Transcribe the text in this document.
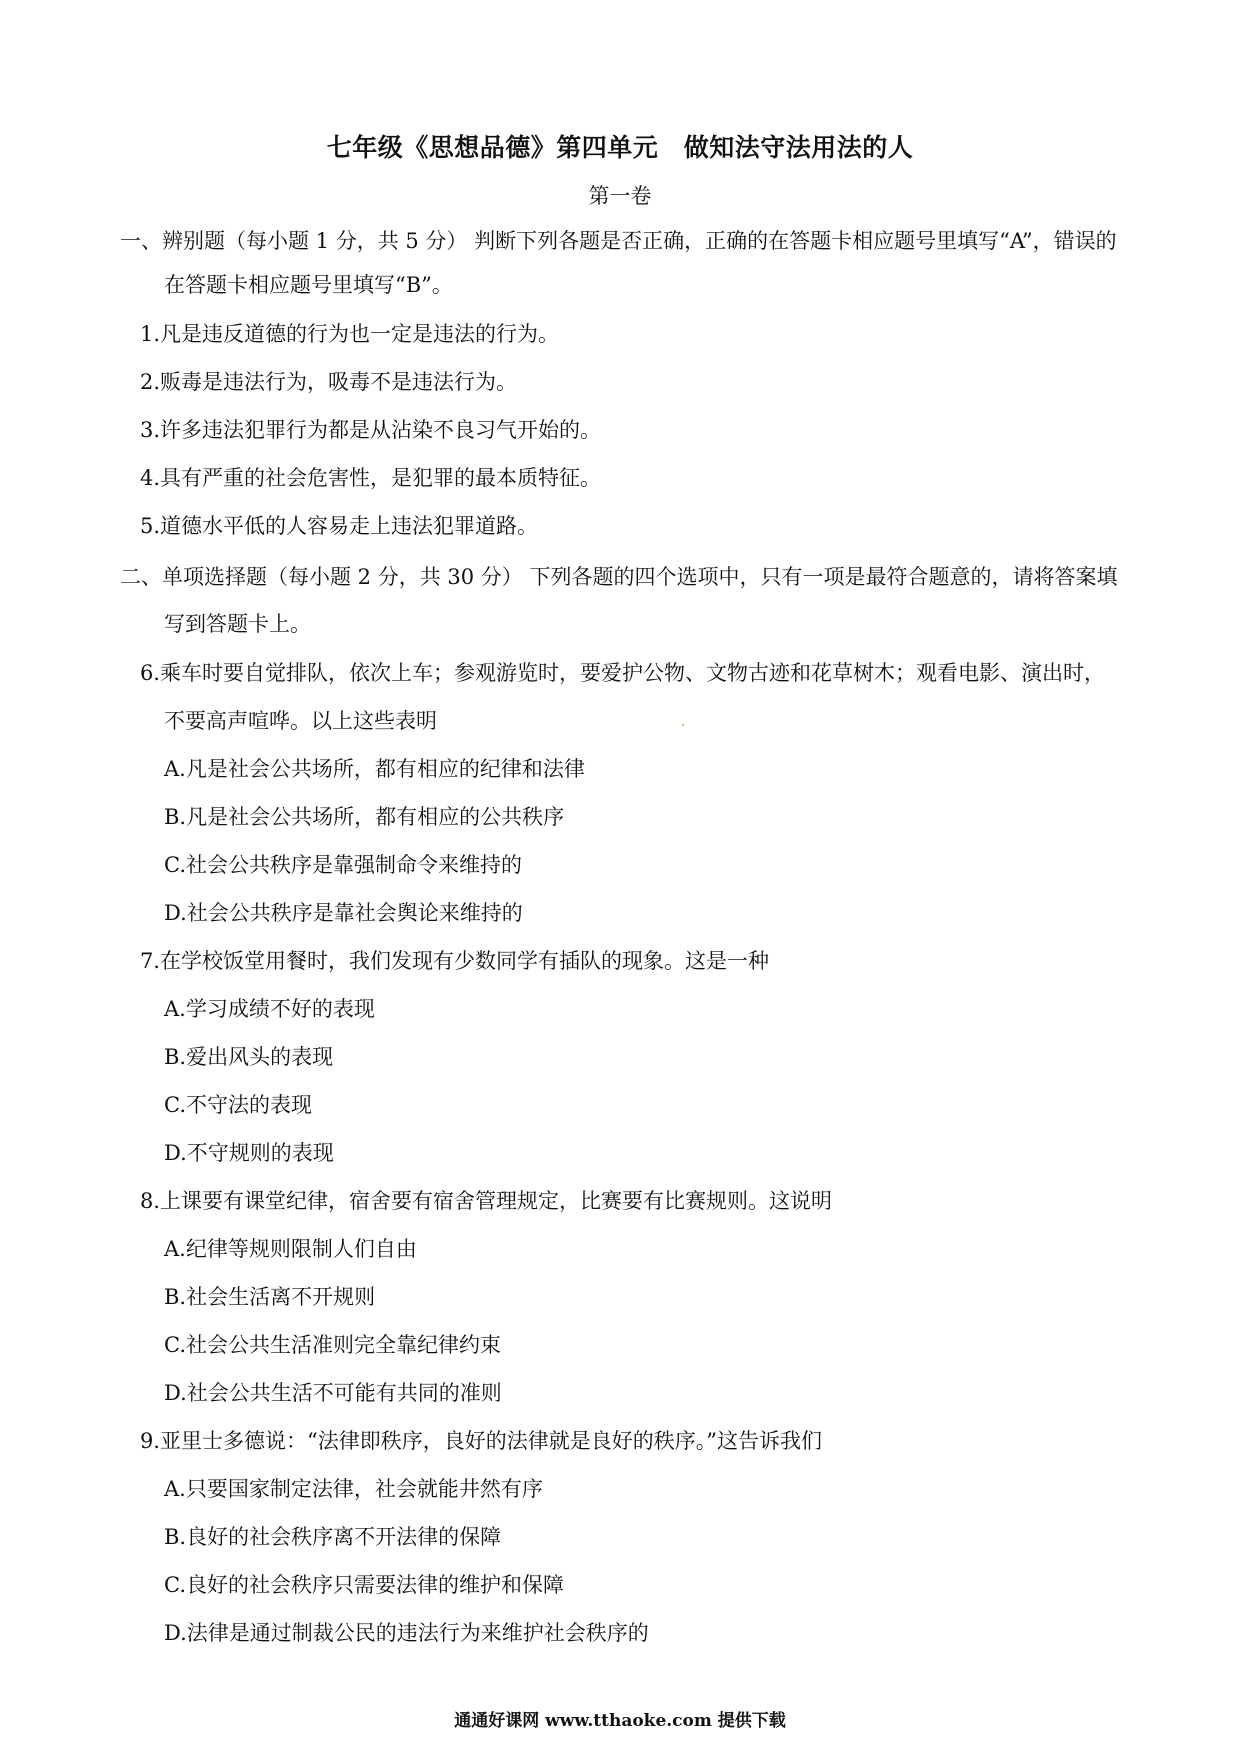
七年级《思想品德》第四单元　做知法守法用法的人
第一卷
一、辨别题（每小题 1 分，共 5 分） 判断下列各题是否正确，正确的在答题卡相应题号里填写“A”，错误的
在答题卡相应题号里填写“B”。
1.凡是违反道德的行为也一定是违法的行为。
2.贩毒是违法行为，吸毒不是违法行为。
3.许多违法犯罪行为都是从沾染不良习气开始的。
4.具有严重的社会危害性，是犯罪的最本质特征。
5.道德水平低的人容易走上违法犯罪道路。
二、单项选择题（每小题 2 分，共 30 分） 下列各题的四个选项中，只有一项是最符合题意的，请将答案填
写到答题卡上。
6.乘车时要自觉排队，依次上车；参观游览时，要爱护公物、文物古迹和花草树木；观看电影、演出时，
不要高声喧哗。以上这些表明
A.凡是社会公共场所，都有相应的纪律和法律
B.凡是社会公共场所，都有相应的公共秩序
C.社会公共秩序是靠强制命令来维持的
D.社会公共秩序是靠社会舆论来维持的
7.在学校饭堂用餐时，我们发现有少数同学有插队的现象。这是一种
A.学习成绩不好的表现
B.爱出风头的表现
C.不守法的表现
D.不守规则的表现
8.上课要有课堂纪律，宿舍要有宿舍管理规定，比赛要有比赛规则。这说明
A.纪律等规则限制人们自由
B.社会生活离不开规则
C.社会公共生活准则完全靠纪律约束
D.社会公共生活不可能有共同的准则
9.亚里士多德说：“法律即秩序，良好的法律就是良好的秩序。”这告诉我们
A.只要国家制定法律，社会就能井然有序
B.良好的社会秩序离不开法律的保障
C.良好的社会秩序只需要法律的维护和保障
D.法律是通过制裁公民的违法行为来维护社会秩序的
通通好课网 www.tthaoke.com 提供下载
